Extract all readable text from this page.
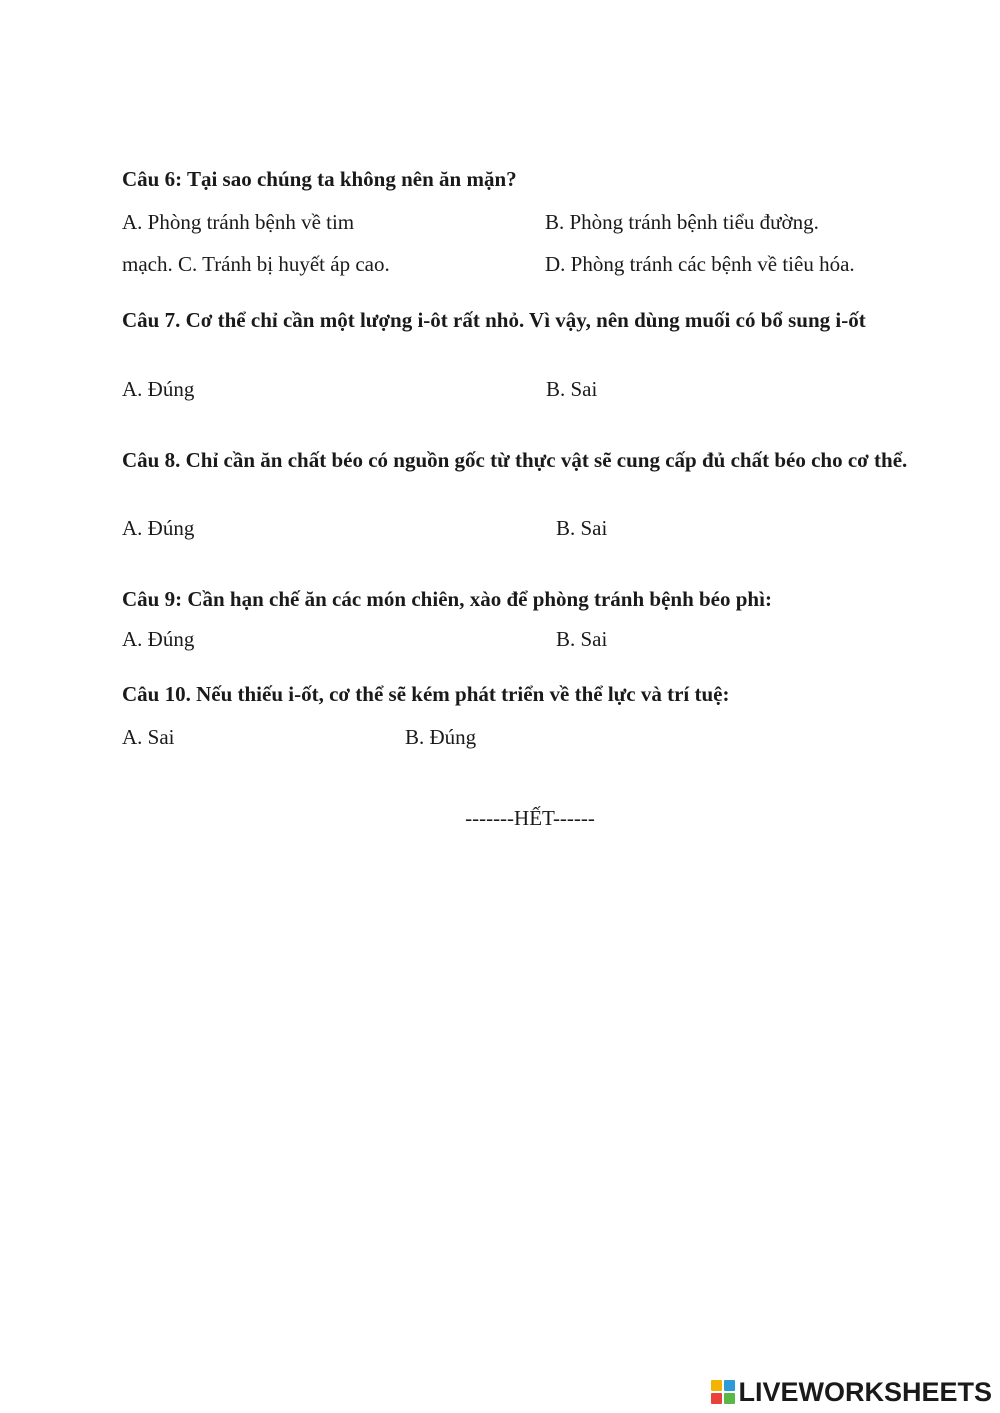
Câu 6: Tại sao chúng ta không nên ăn mặn?
A. Phòng tránh bệnh về tim	B. Phòng tránh bệnh tiểu đường.
mạch. C. Tránh bị huyết áp cao.	D. Phòng tránh các bệnh về tiêu hóa.
Câu 7. Cơ thể chỉ cần một lượng i-ôt rất nhỏ. Vì vậy, nên dùng muối có bổ sung i-ốt
A. Đúng	B. Sai
Câu 8. Chỉ cần ăn chất béo có nguồn gốc từ thực vật sẽ cung cấp đủ chất béo cho cơ thể.
A. Đúng	B. Sai
Câu 9: Cần hạn chế ăn các món chiên, xào để phòng tránh bệnh béo phì:
A. Đúng	B. Sai
Câu 10. Nếu thiếu i-ốt, cơ thể sẽ kém phát triển về thể lực và trí tuệ:
A. Sai	B. Đúng
-------HẾT------
LIVEWORKSHEETS
